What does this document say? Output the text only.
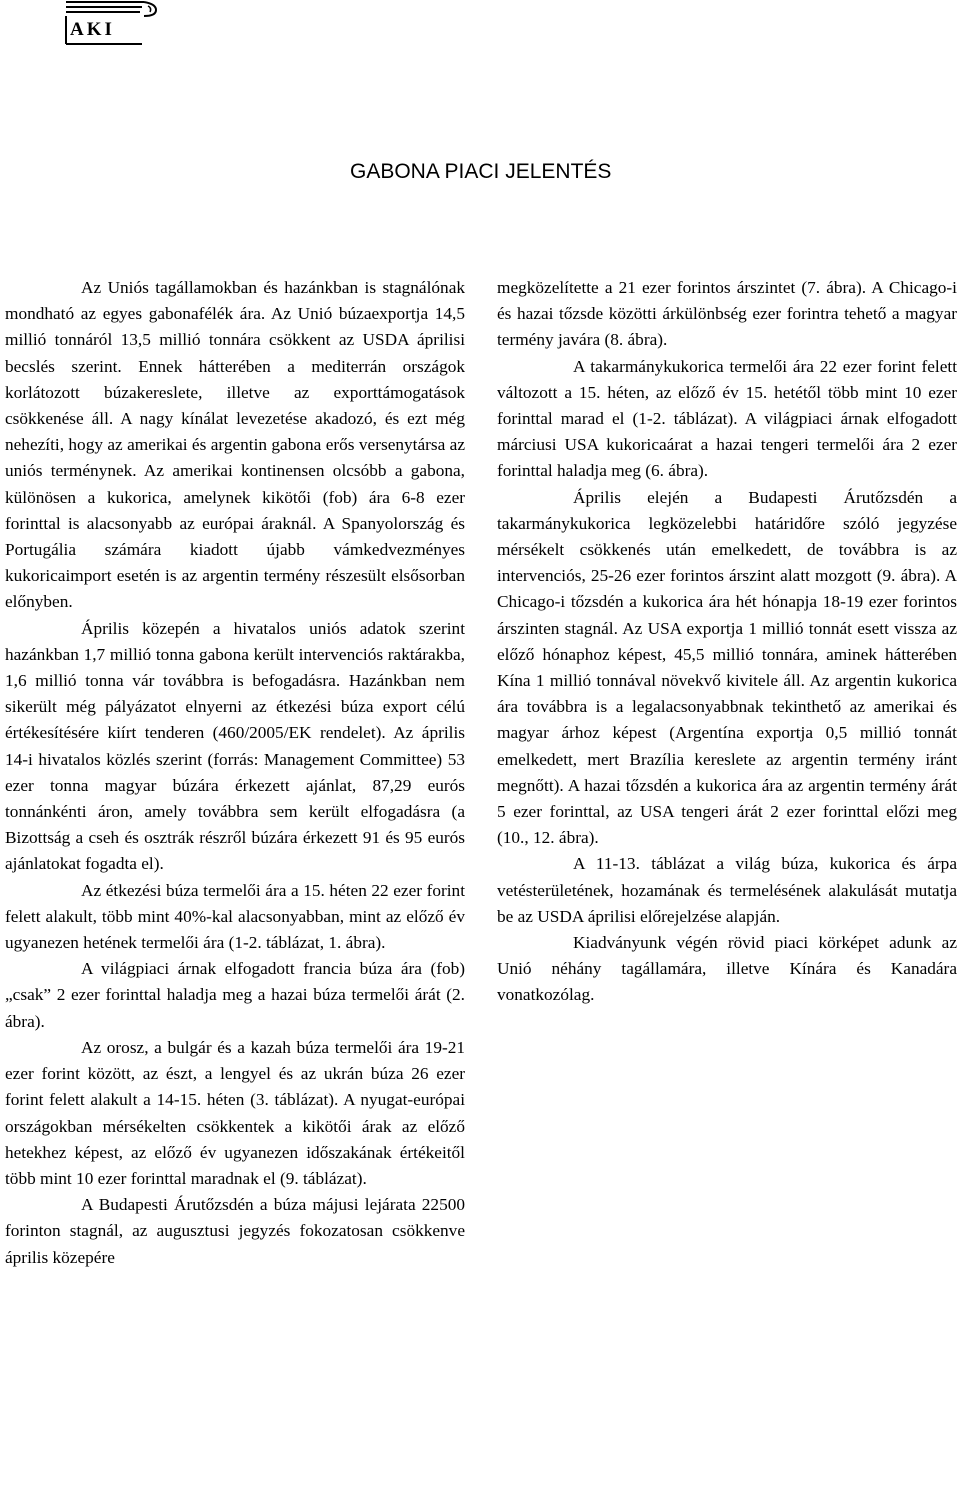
AKI
GABONA PIACI JELENTÉS

Az Uniós tagállamokban és hazánkban is stagnálónak mondható az egyes gabonafélék ára. Az Unió búzaexportja 14,5 millió tonnáról 13,5 millió tonnára csökkent az USDA áprilisi becslés szerint. Ennek hátterében a mediterrán országok korlátozott búzakereslete, illetve az exporttámogatások csökkenése áll. A nagy kínálat levezetése akadozó, és ezt még nehezíti, hogy az amerikai és argentin gabona erős versenytársa az uniós terménynek. Az amerikai kontinensen olcsóbb a gabona, különösen a kukorica, amelynek kikötői (fob) ára 6-8 ezer forinttal is alacsonyabb az európai áraknál. A Spanyolország és Portugália számára kiadott újabb vámkedvezményes kukoricaimport esetén is az argentin termény részesült elsősorban előnyben.

Április közepén a hivatalos uniós adatok szerint hazánkban 1,7 millió tonna gabona került intervenciós raktárakba, 1,6 millió tonna vár továbbra is befogadásra. Hazánkban nem sikerült még pályázatot elnyerni az étkezési búza export célú értékesítésére kiírt tenderen (460/2005/EK rendelet). Az április 14-i hivatalos közlés szerint (forrás: Management Committee) 53 ezer tonna magyar búzára érkezett ajánlat, 87,29 eurós tonnánkénti áron, amely továbbra sem került elfogadásra (a Bizottság a cseh és osztrák részről búzára érkezett 91 és 95 eurós ajánlatokat fogadta el).

Az étkezési búza termelői ára a 15. héten 22 ezer forint felett alakult, több mint 40%-kal alacsonyabban, mint az előző év ugyanezen hetének termelői ára (1-2. táblázat, 1. ábra).

A világpiaci árnak elfogadott francia búza ára (fob) „csak” 2 ezer forinttal haladja meg a hazai búza termelői árát (2. ábra).

Az orosz, a bulgár és a kazah búza termelői ára 19-21 ezer forint között, az észt, a lengyel és az ukrán búza 26 ezer forint felett alakult a 14-15. héten (3. táblázat). A nyugat-európai országokban mérsékelten csökkentek a kikötői árak az előző hetekhez képest, az előző év ugyanezen időszakának értékeitől több mint 10 ezer forinttal maradnak el (9. táblázat).

A Budapesti Árutőzsdén a búza májusi lejárata 22500 forinton stagnál, az augusztusi jegyzés fokozatosan csökkenve április közepére

megközelítette a 21 ezer forintos árszintet (7. ábra). A Chicago-i és hazai tőzsde közötti árkülönbség ezer forintra tehető a magyar termény javára (8. ábra).

A takarmánykukorica termelői ára 22 ezer forint felett változott a 15. héten, az előző év 15. hetétől több mint 10 ezer forinttal marad el (1-2. táblázat). A világpiaci árnak elfogadott márciusi USA kukoricaárat a hazai tengeri termelői ára 2 ezer forinttal haladja meg (6. ábra).

Április elején a Budapesti Árutőzsdén a takarmánykukorica legközelebbi határidőre szóló jegyzése mérsékelt csökkenés után emelkedett, de továbbra is az intervenciós, 25-26 ezer forintos árszint alatt mozgott (9. ábra). A Chicago-i tőzsdén a kukorica ára hét hónapja 18-19 ezer forintos árszinten stagnál. Az USA exportja 1 millió tonnát esett vissza az előző hónaphoz képest, 45,5 millió tonnára, aminek hátterében Kína 1 millió tonnával növekvő kivitele áll. Az argentin kukorica ára továbbra is a legalacsonyabbnak tekinthető az amerikai és magyar árhoz képest (Argentína exportja 0,5 millió tonnát emelkedett, mert Brazília kereslete az argentin termény iránt megnőtt). A hazai tőzsdén a kukorica ára az argentin termény árát 5 ezer forinttal, az USA tengeri árát 2 ezer forinttal előzi meg (10., 12. ábra).

A 11-13. táblázat a világ búza, kukorica és árpa vetésterületének, hozamának és termelésének alakulását mutatja be az USDA áprilisi előrejelzése alapján.

Kiadványunk végén rövid piaci körképet adunk az Unió néhány tagállamára, illetve Kínára és Kanadára vonatkozólag.
